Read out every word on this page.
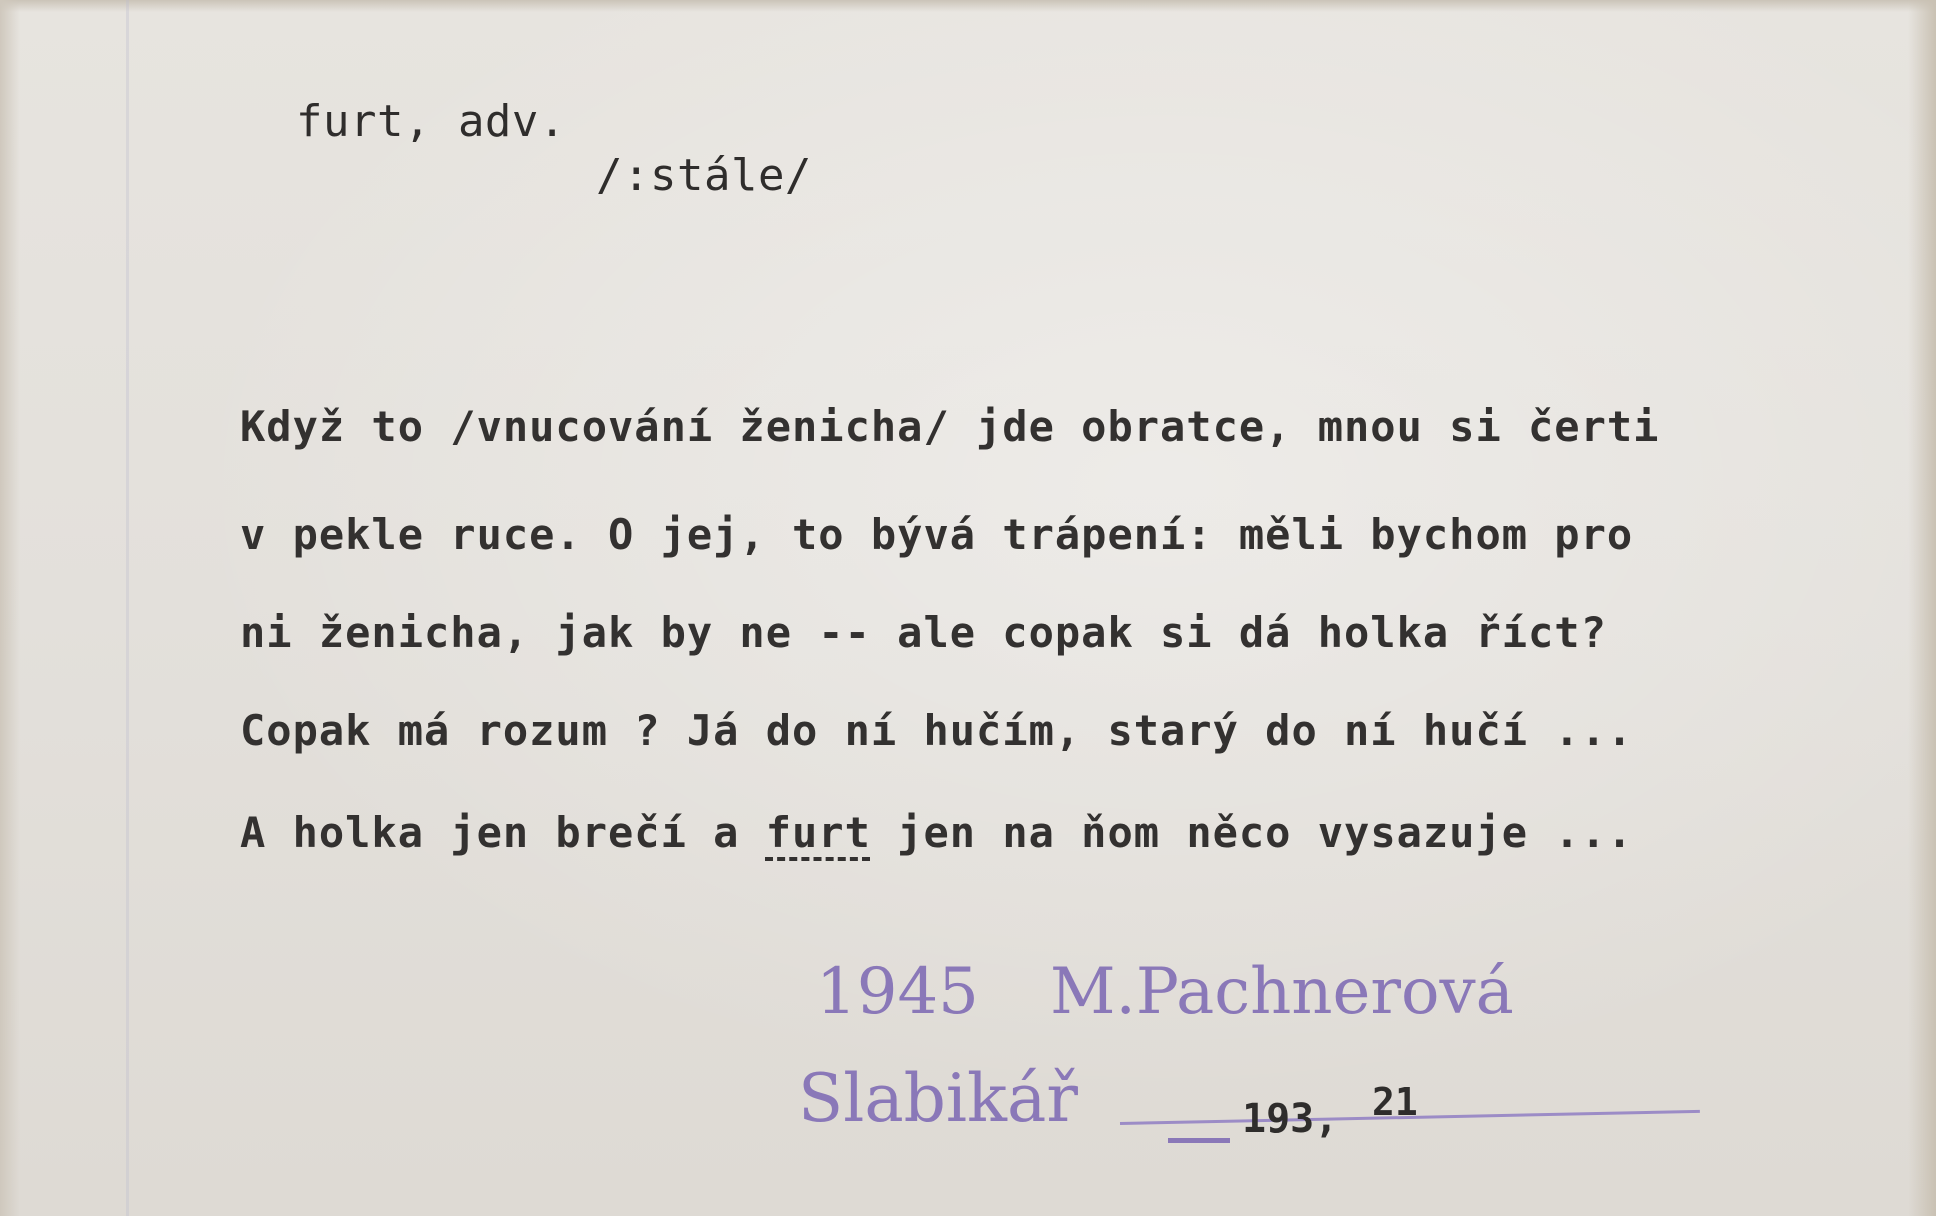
furt, adv.
/:stále/
Když to /vnucování ženicha/ jde obratce, mnou si čerti
v pekle ruce. O jej, to bývá trápení: měli bychom pro
ni ženicha, jak by ne -- ale copak si dá holka říct?
Copak má rozum ? Já do ní hučím, starý do ní hučí ...
A holka jen brečí a furt jen na ňom něco vysazuje ...
1945 M.Pachnerová
Slabikář	193, 21
